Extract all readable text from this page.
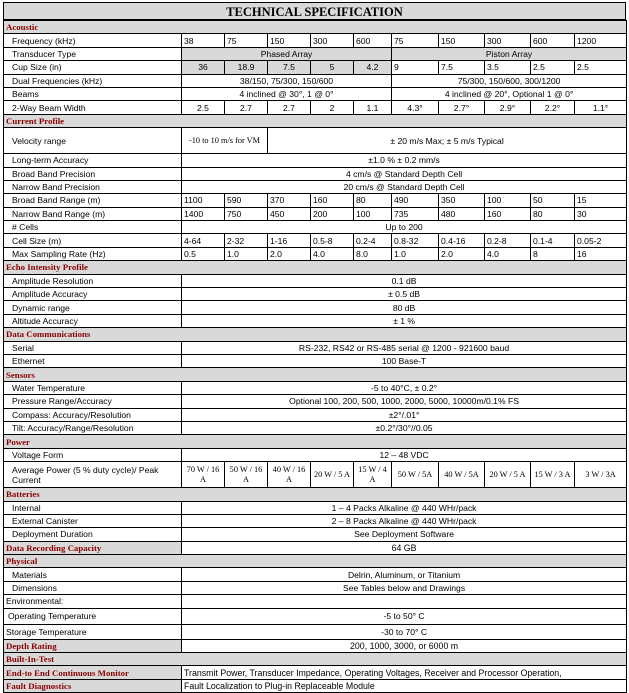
TECHNICAL SPECIFICATION
Acoustic										
Frequency (kHz)	38	75	150	300	600	75	150	300	600	1200
Transducer Type	Phased Array					Piston Array				
Cup Size (in)	36	18.9	7.5	5	4.2	9	7.5	3.5	2.5	2.5
Dual Frequencies (kHz)	38/150, 75/300, 150/600					75/300, 150/600, 300/1200				
Beams	4 inclined @ 30°, 1 @ 0°					4 inclined @ 20°, Optional 1 @ 0°				
2-Way Beam Width	2.5	2.7	2.7	2	1.1	4.3°	2.7°	2.9°	2.2°	1.1°
Current Profile										
Velocity range	-10 to 10 m/s for VM		± 20 m/s Max; ± 5 m/s Typical							
Long-term Accuracy	±1.0 % ± 0.2 mm/s									
Broad Band Precision	4 cm/s @ Standard Depth Cell									
Narrow Band Precision	20 cm/s @ Standard Depth Cell									
Broad Band Range (m)	1100	590	370	160	80	490	350	100	50	15
Narrow Band Range (m)	1400	750	450	200	100	735	480	160	80	30
# Cells	Up to 200									
Cell Size (m)	4-64	2-32	1-16	0.5-8	0.2-4	0.8-32	0.4-16	0.2-8	0.1-4	0.05-2
Max Sampling Rate (Hz)	0.5	1.0	2.0	4.0	8.0	1.0	2.0	4.0	8	16
Echo Intensity Profile										
Amplitude Resolution	0.1 dB									
Amplitude Accuracy	± 0.5 dB									
Dynamic range	80 dB									
Altitude Accuracy	± 1 %									
Data Communications										
Serial	RS-232, RS42 or RS-485 serial @ 1200 - 921600 baud									
Ethernet	100 Base-T									
Sensors										
Water Temperature	-5 to 40°C, ± 0.2°									
Pressure Range/Accuracy	Optional 100, 200, 500, 1000, 2000, 5000, 10000m/0.1% FS									
Compass: Accuracy/Resolution	±2°/.01°									
Tilt: Accuracy/Range/Resolution	±0.2°/30°//0.05									
Power										
Voltage Form	12 – 48 VDC									

Average Power (5 % duty cycle)/ Peak
Current	70 W / 16 A	50 W / 16 A	40 W / 16 A	20 W / 5 A	15 W / 4 A	50 W / 5A	40 W / 5A	20 W / 5 A	15 W / 3 A	3 W / 3A
Batteries										
Internal	1 – 4 Packs Alkaline @ 440 WHr/pack									
External Canister	2 – 8 Packs Alkaline @ 440 WHr/pack									
Deployment Duration	See Deployment Software									
Data Recording Capacity	64 GB									
Physical										
Materials	Delrin, Aluminum, or Titanium									
Dimensions	See Tables below and Drawings									
Environmental:										
Operating Temperature	-5 to 50° C									
Storage Temperature	-30 to 70° C									
Depth Rating	200, 1000, 3000, or 6000 m									
Built-In-Test										
End-to End Continuous Monitor	Transmit Power, Transducer Impedance, Operating Voltages, Receiver and Processor Operation,									
Fault Diagnostics	Fault Localization to Plug-in Replaceable Module									
